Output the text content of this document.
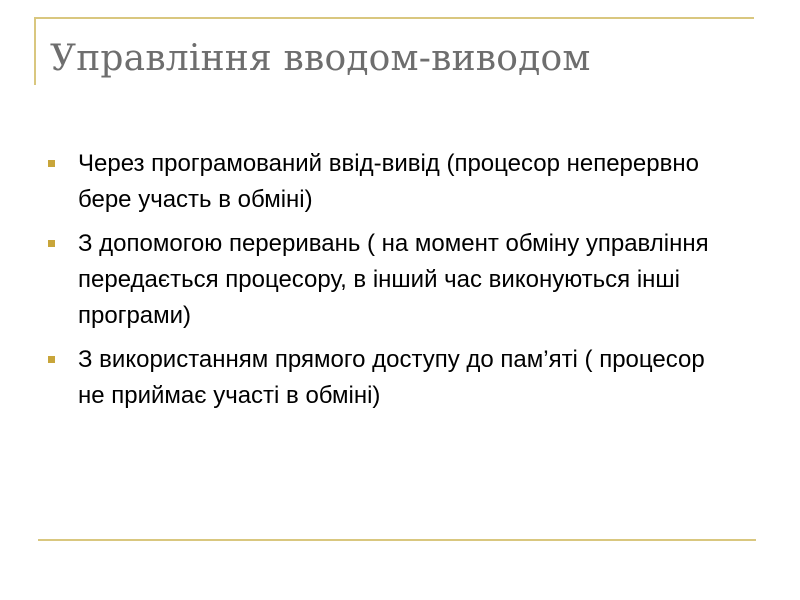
Управління вводом-виводом
Через програмований ввід-вивід (процесор неперервно бере участь в обміні)
З допомогою переривань ( на момент обміну управління передається процесору, в інший час виконуються інші програми)
З використанням прямого доступу до пам’яті ( процесор не приймає участі в обміні)
